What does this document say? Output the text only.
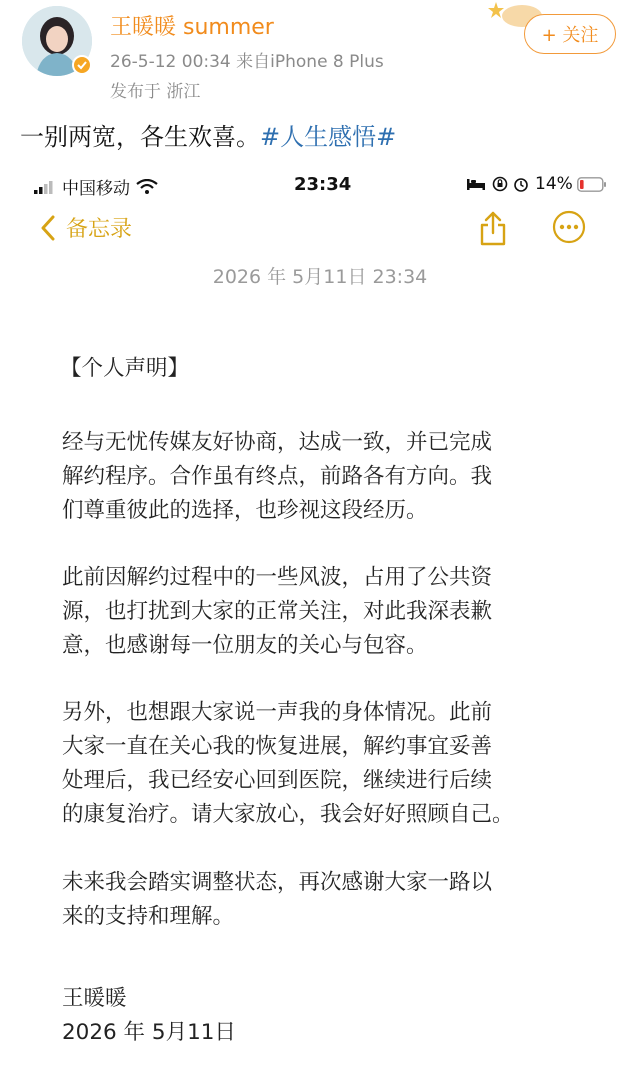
王暖暖 summer
26-5-12 00:34 来自iPhone 8 Plus
发布于 浙江
+ 关注
一别两宽，各生欢喜。#人生感悟#
中国移动	23:34	14%
备忘录
2026 年 5月11日 23:34
【个人声明】
经与无忧传媒友好协商，达成一致，并已完成
解约程序。合作虽有终点，前路各有方向。我
们尊重彼此的选择，也珍视这段经历。
此前因解约过程中的一些风波，占用了公共资
源，也打扰到大家的正常关注，对此我深表歉
意，也感谢每一位朋友的关心与包容。
另外，也想跟大家说一声我的身体情况。此前
大家一直在关心我的恢复进展，解约事宜妥善
处理后，我已经安心回到医院，继续进行后续
的康复治疗。请大家放心，我会好好照顾自己。
未来我会踏实调整状态，再次感谢大家一路以
来的支持和理解。
王暖暖
2026 年 5月11日
